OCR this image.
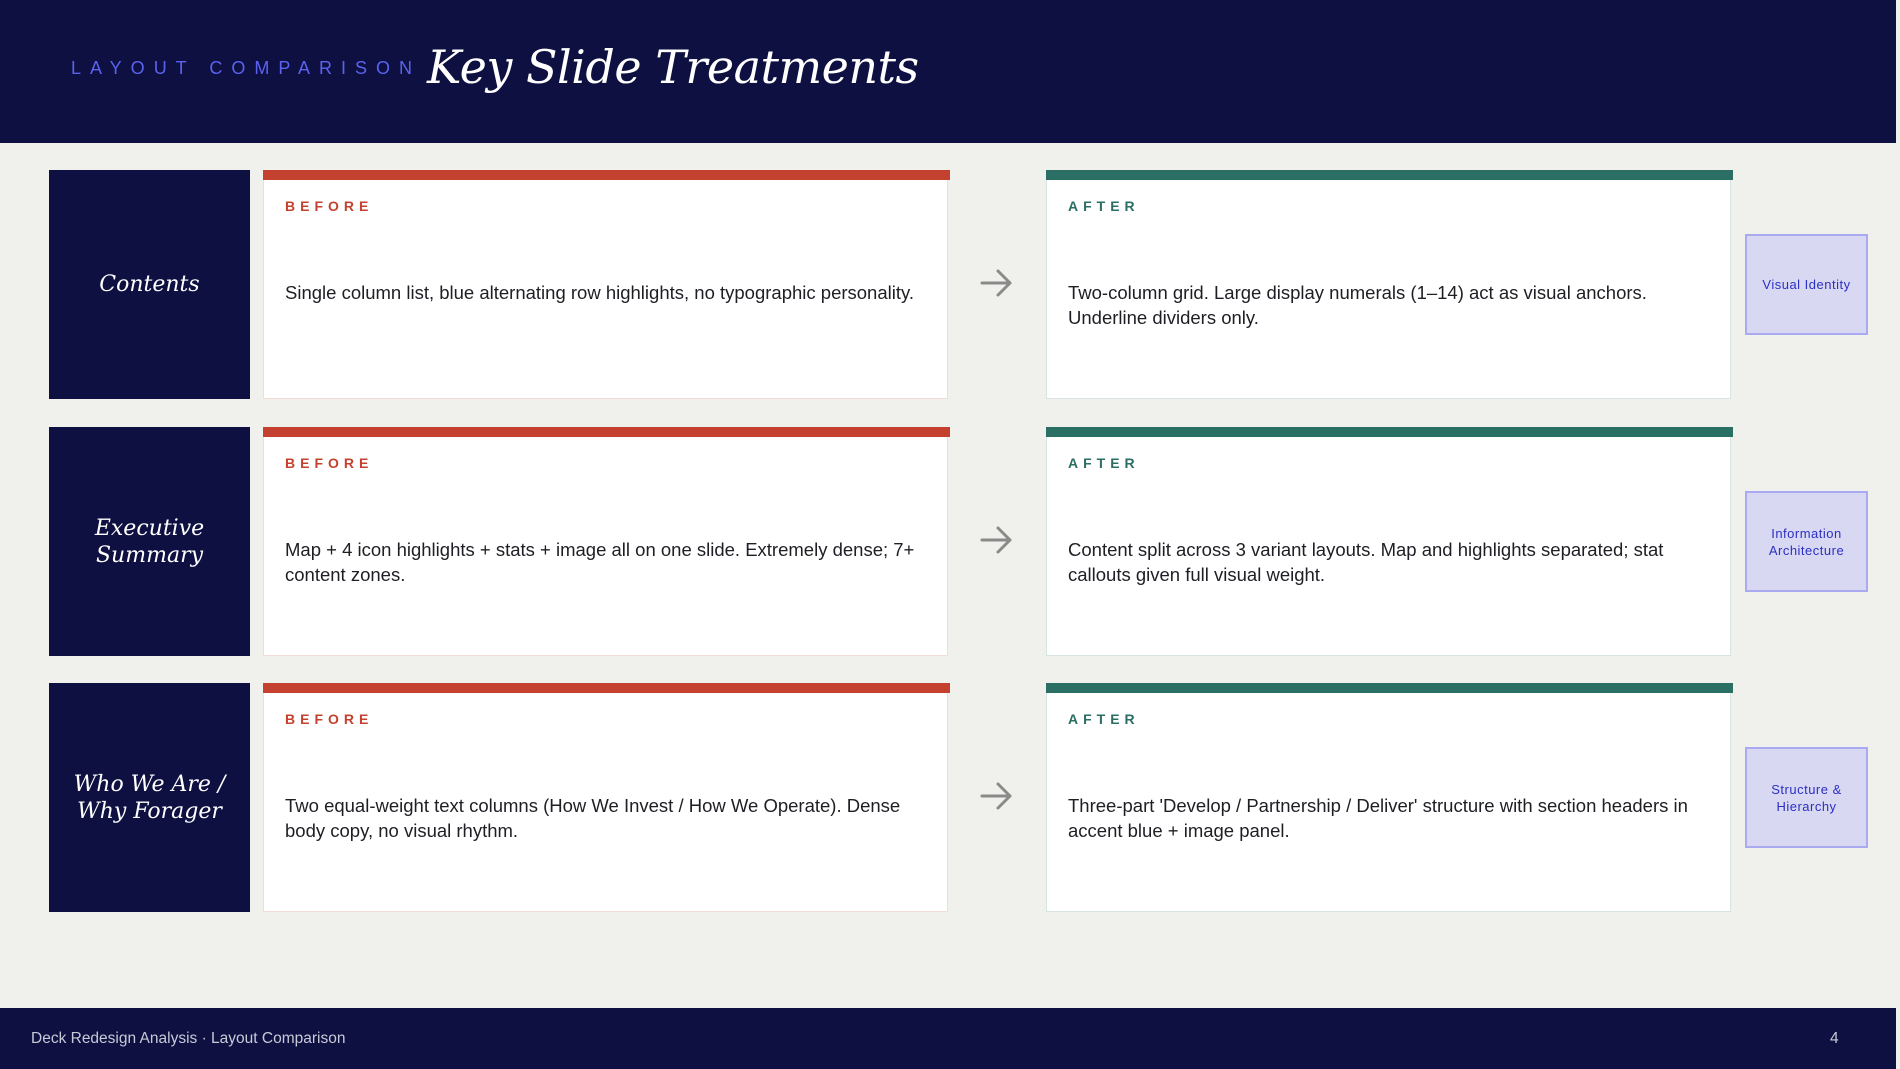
LAYOUT COMPARISON Key Slide Treatments
Contents
BEFORE
Single column list, blue alternating row highlights, no typographic personality.
AFTER
Two-column grid. Large display numerals (1–14) act as visual anchors. Underline dividers only.
Visual Identity
Executive Summary
BEFORE
Map + 4 icon highlights + stats + image all on one slide. Extremely dense; 7+ content zones.
AFTER
Content split across 3 variant layouts. Map and highlights separated; stat callouts given full visual weight.
Information Architecture
Who We Are / Why Forager
BEFORE
Two equal-weight text columns (How We Invest / How We Operate). Dense body copy, no visual rhythm.
AFTER
Three-part 'Develop / Partnership / Deliver' structure with section headers in accent blue + image panel.
Structure & Hierarchy
Deck Redesign Analysis · Layout Comparison	4
